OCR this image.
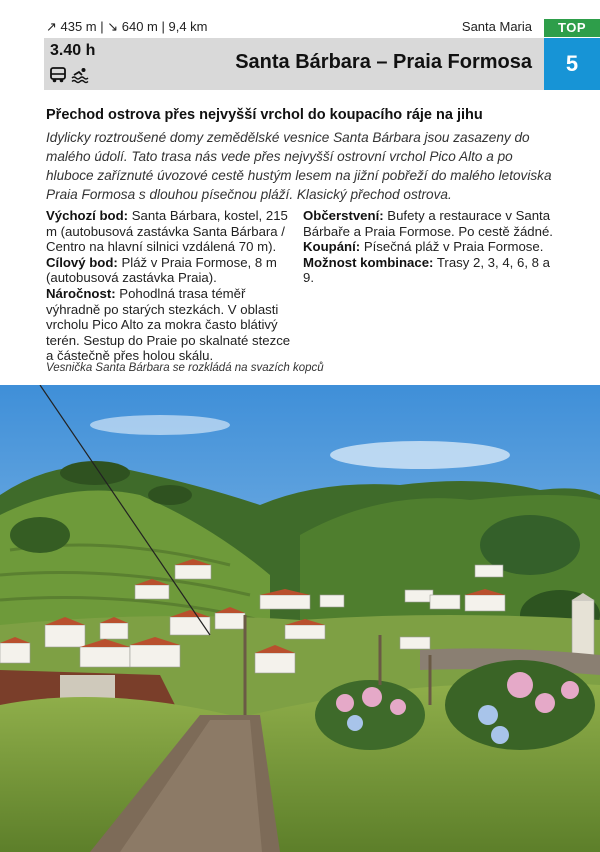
↗ 435 m | ↘ 640 m | 9,4 km	Santa Maria	TOP
5
3.40 h
Santa Bárbara – Praia Formosa
Přechod ostrova přes nejvyšší vrchol do koupacího ráje na jihu
Idylicky roztroušené domy zemědělské vesnice Santa Bárbara jsou zasazeny do malého údolí. Tato trasa nás vede přes nejvyšší ostrovní vrchol Pico Alto a po hluboce zaříznuté úvozové cestě hustým lesem na jižní pobřeží do malého letoviska Praia Formosa s dlouhou písečnou pláží. Klasický přechod ostrova.
Výchozí bod: Santa Bárbara, kostel, 215 m (autobusová zastávka Santa Bárbara / Centro na hlavní silnici vzdálená 70 m).
Cílový bod: Pláž v Praia Formose, 8 m (autobusová zastávka Praia).
Náročnost: Pohodlná trasa téměř výhradně po starých stezkách. V oblasti vrcholu Pico Alto za mokra často blátivý terén. Sestup do Praie po skalnaté stezce a částečně přes holou skálu.
Občerstvení: Bufety a restaurace v Santa Bárbaře a Praia Formose. Po cestě žádné.
Koupání: Písečná pláž v Praia Formose.
Možnost kombinace: Trasy 2, 3, 4, 6, 8 a 9.
Vesnička Santa Bárbara se rozkládá na svazích kopců
